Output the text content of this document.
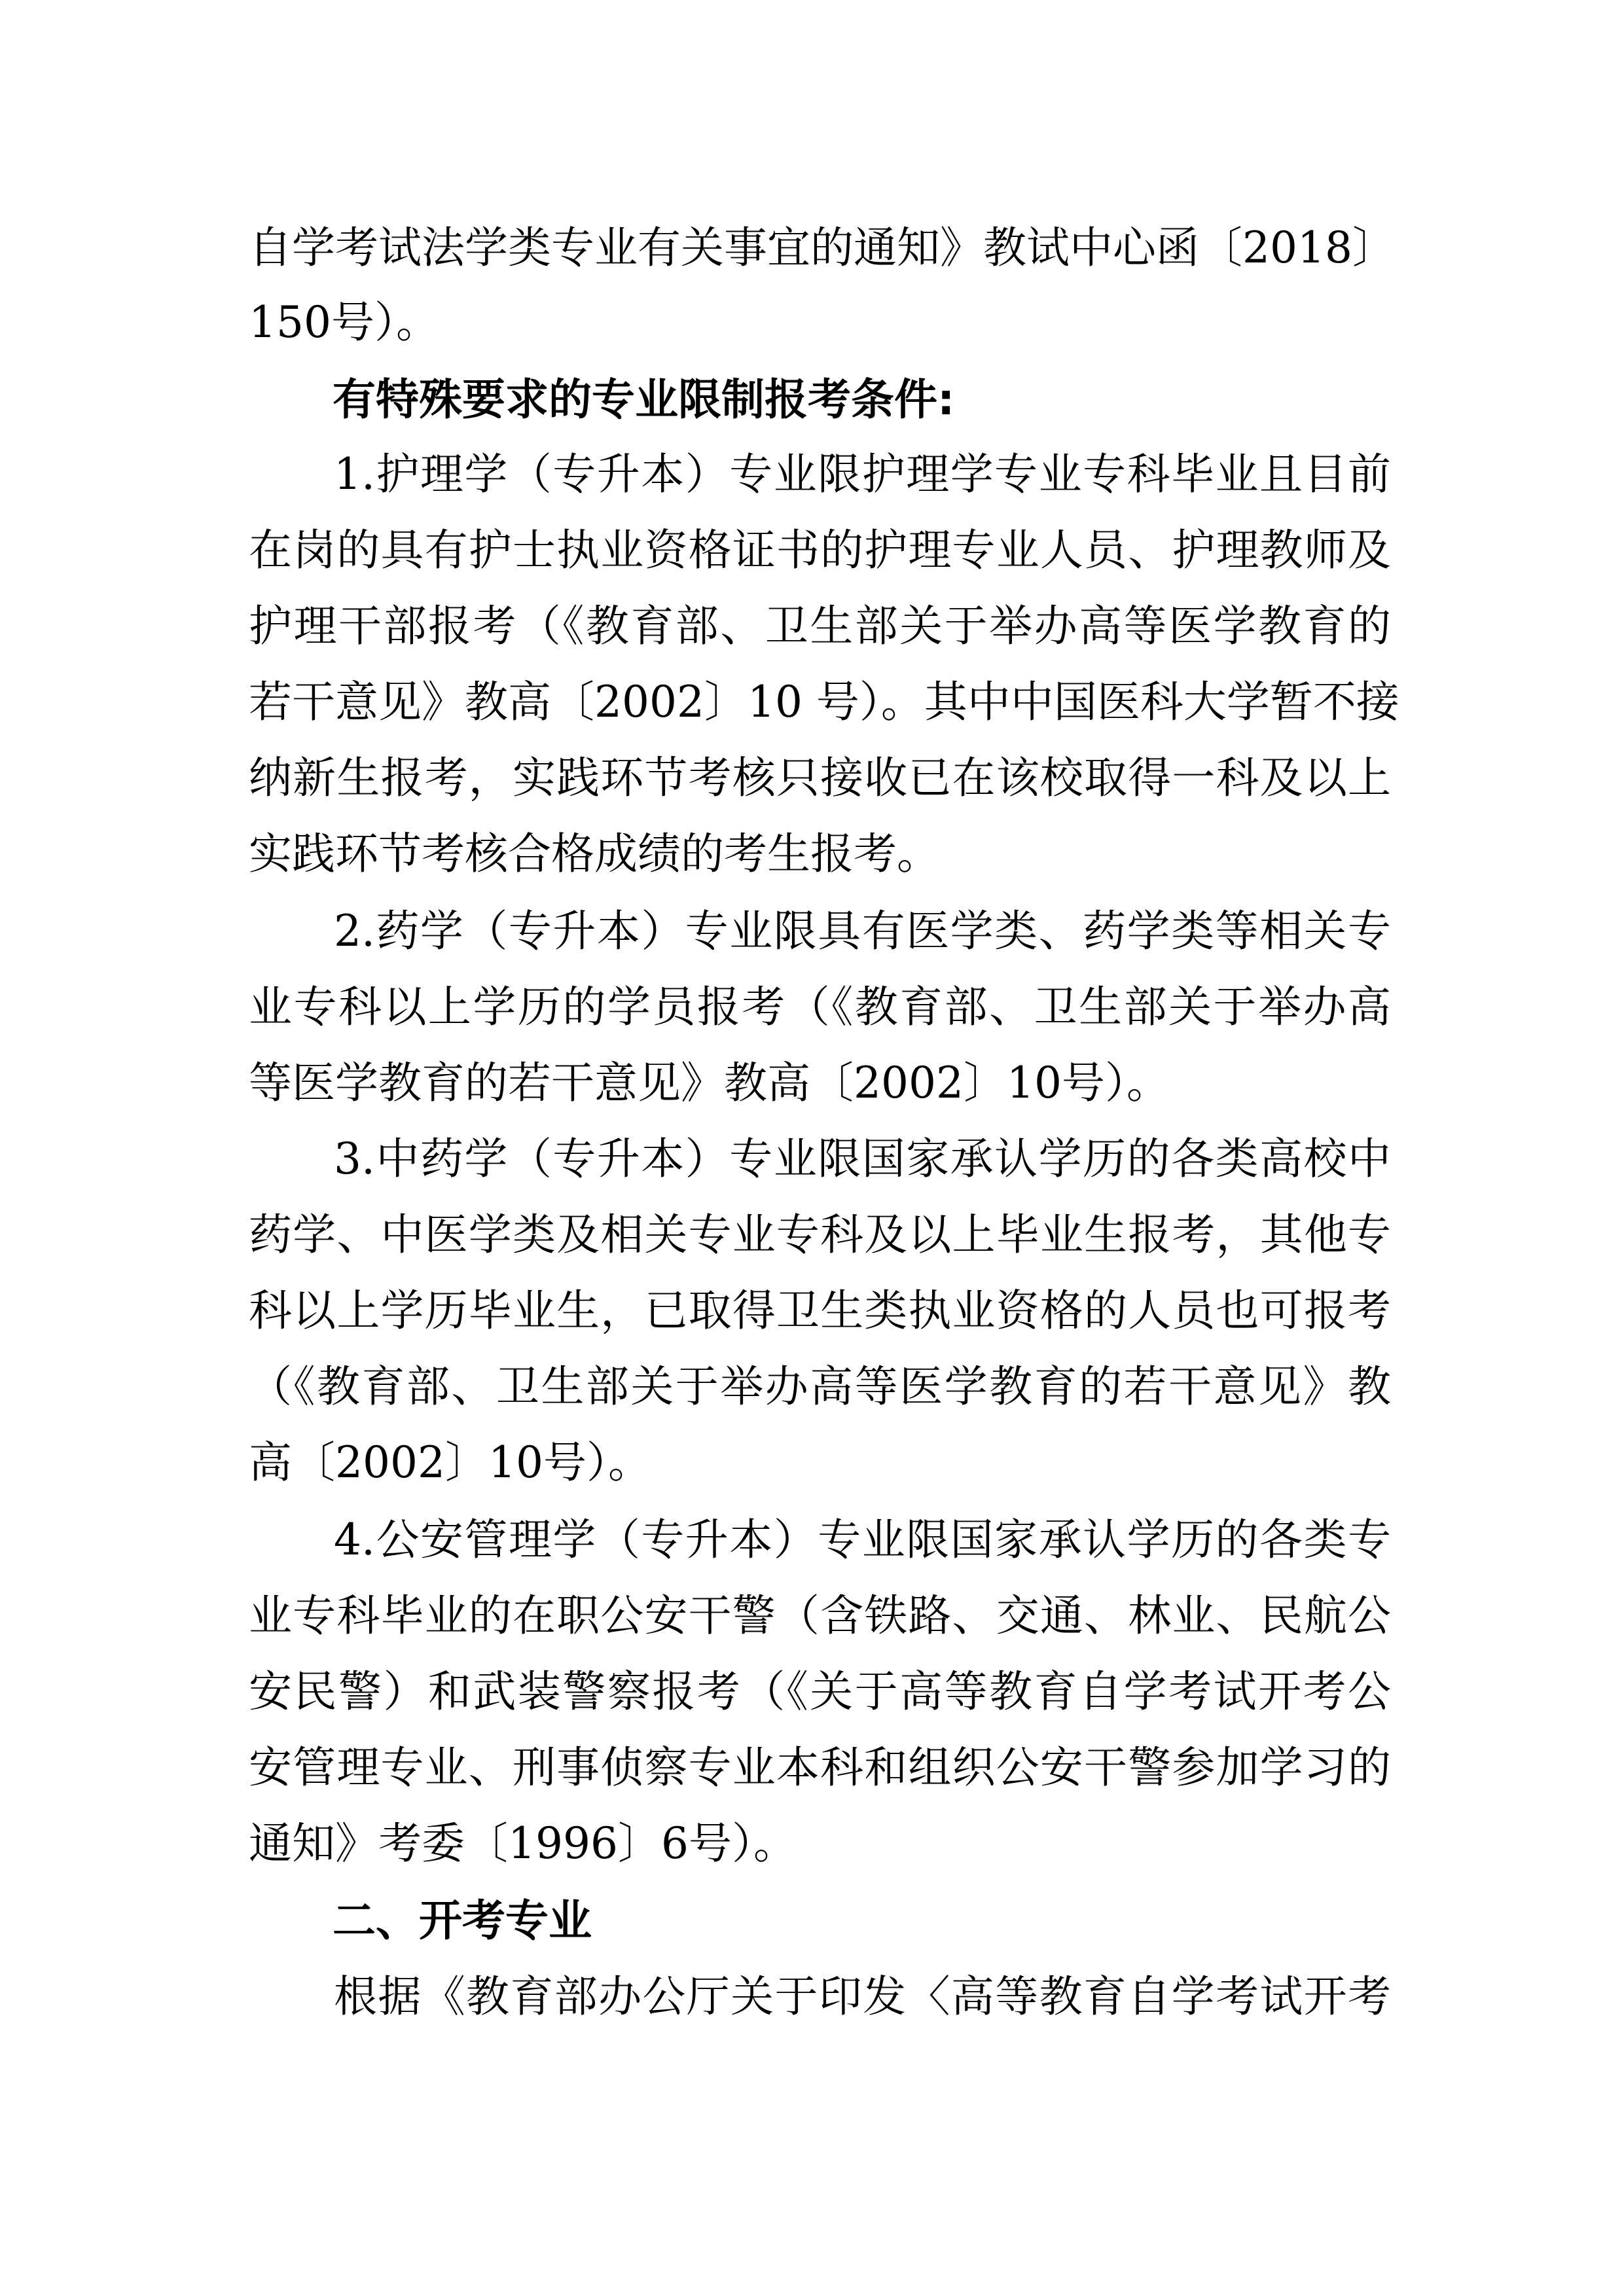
自学考试法学类专业有关事宜的通知》教试中心函〔2018〕

150号）。

有特殊要求的专业限制报考条件:

1.护理学（专升本）专业限护理学专业专科毕业且目前

在岗的具有护士执业资格证书的护理专业人员、护理教师及

护理干部报考（《教育部、卫生部关于举办高等医学教育的

若干意见》教高〔2002〕10 号）。其中中国医科大学暂不接

纳新生报考，实践环节考核只接收已在该校取得一科及以上

实践环节考核合格成绩的考生报考。

2.药学（专升本）专业限具有医学类、药学类等相关专

业专科以上学历的学员报考（《教育部、卫生部关于举办高

等医学教育的若干意见》教高〔2002〕10号）。

3.中药学（专升本）专业限国家承认学历的各类高校中

药学、中医学类及相关专业专科及以上毕业生报考，其他专

科以上学历毕业生，已取得卫生类执业资格的人员也可报考

（《教育部、卫生部关于举办高等医学教育的若干意见》教

高〔2002〕10号）。

4.公安管理学（专升本）专业限国家承认学历的各类专

业专科毕业的在职公安干警（含铁路、交通、林业、民航公

安民警）和武装警察报考（《关于高等教育自学考试开考公

安管理专业、刑事侦察专业本科和组织公安干警参加学习的

通知》考委〔1996〕6号）。

二、开考专业

根据《教育部办公厅关于印发〈高等教育自学考试开考
